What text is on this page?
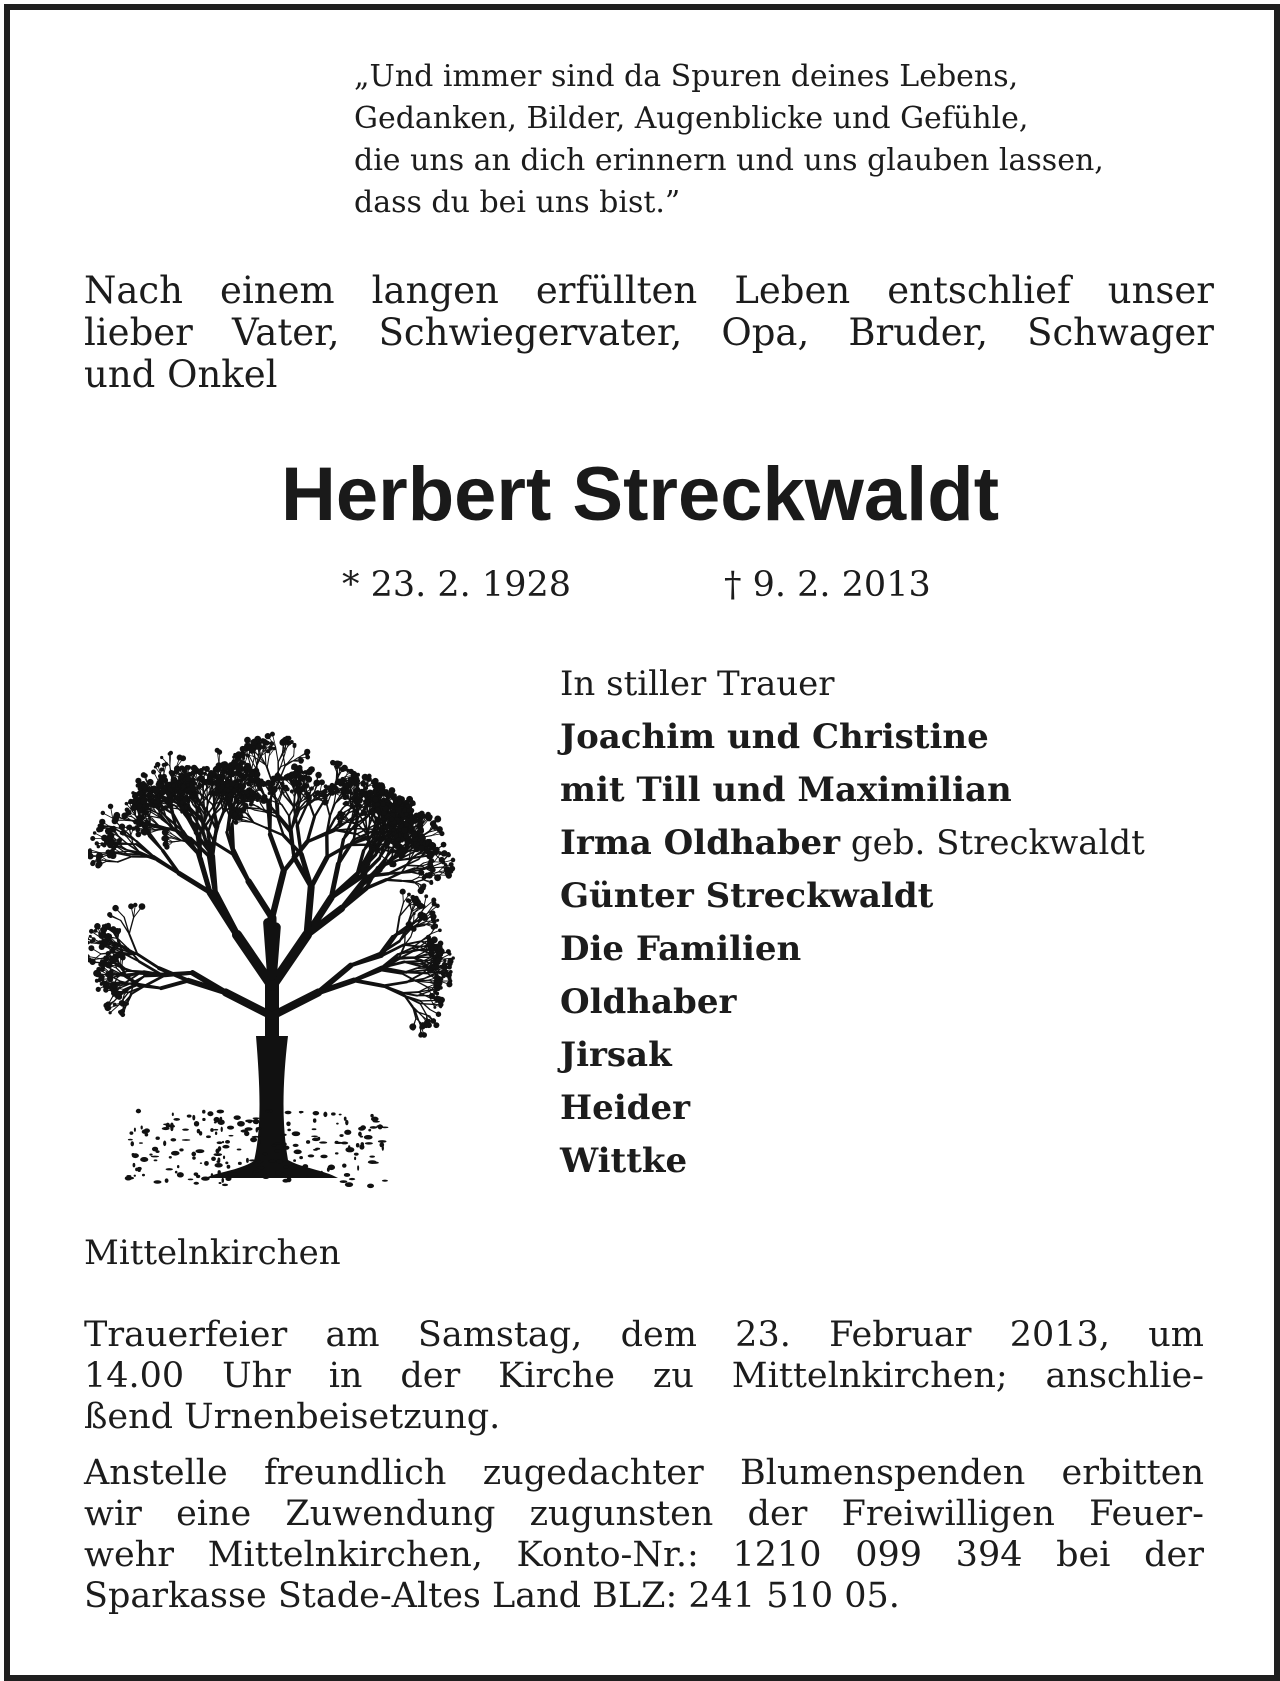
„Und immer sind da Spuren deines Lebens,
Gedanken, Bilder, Augenblicke und Gefühle,
die uns an dich erinnern und uns glauben lassen,
dass du bei uns bist.”
Nach einem langen erfüllten Leben entschlief unser
lieber Vater, Schwiegervater, Opa, Bruder, Schwager
und Onkel
Herbert Streckwaldt
* 23. 2. 1928	† 9. 2. 2013
In stiller Trauer
Joachim und Christine
mit Till und Maximilian
Irma Oldhaber geb. Streckwaldt
Günter Streckwaldt
Die Familien
Oldhaber
Jirsak
Heider
Wittke
Mittelnkirchen
Trauerfeier am Samstag, dem 23. Februar 2013, um
14.00 Uhr in der Kirche zu Mittelnkirchen; anschlie-
ßend Urnenbeisetzung.
Anstelle freundlich zugedachter Blumenspenden erbitten
wir eine Zuwendung zugunsten der Freiwilligen Feuer-
wehr Mittelnkirchen, Konto-Nr.: 1210 099 394 bei der
Sparkasse Stade-Altes Land BLZ: 241 510 05.
